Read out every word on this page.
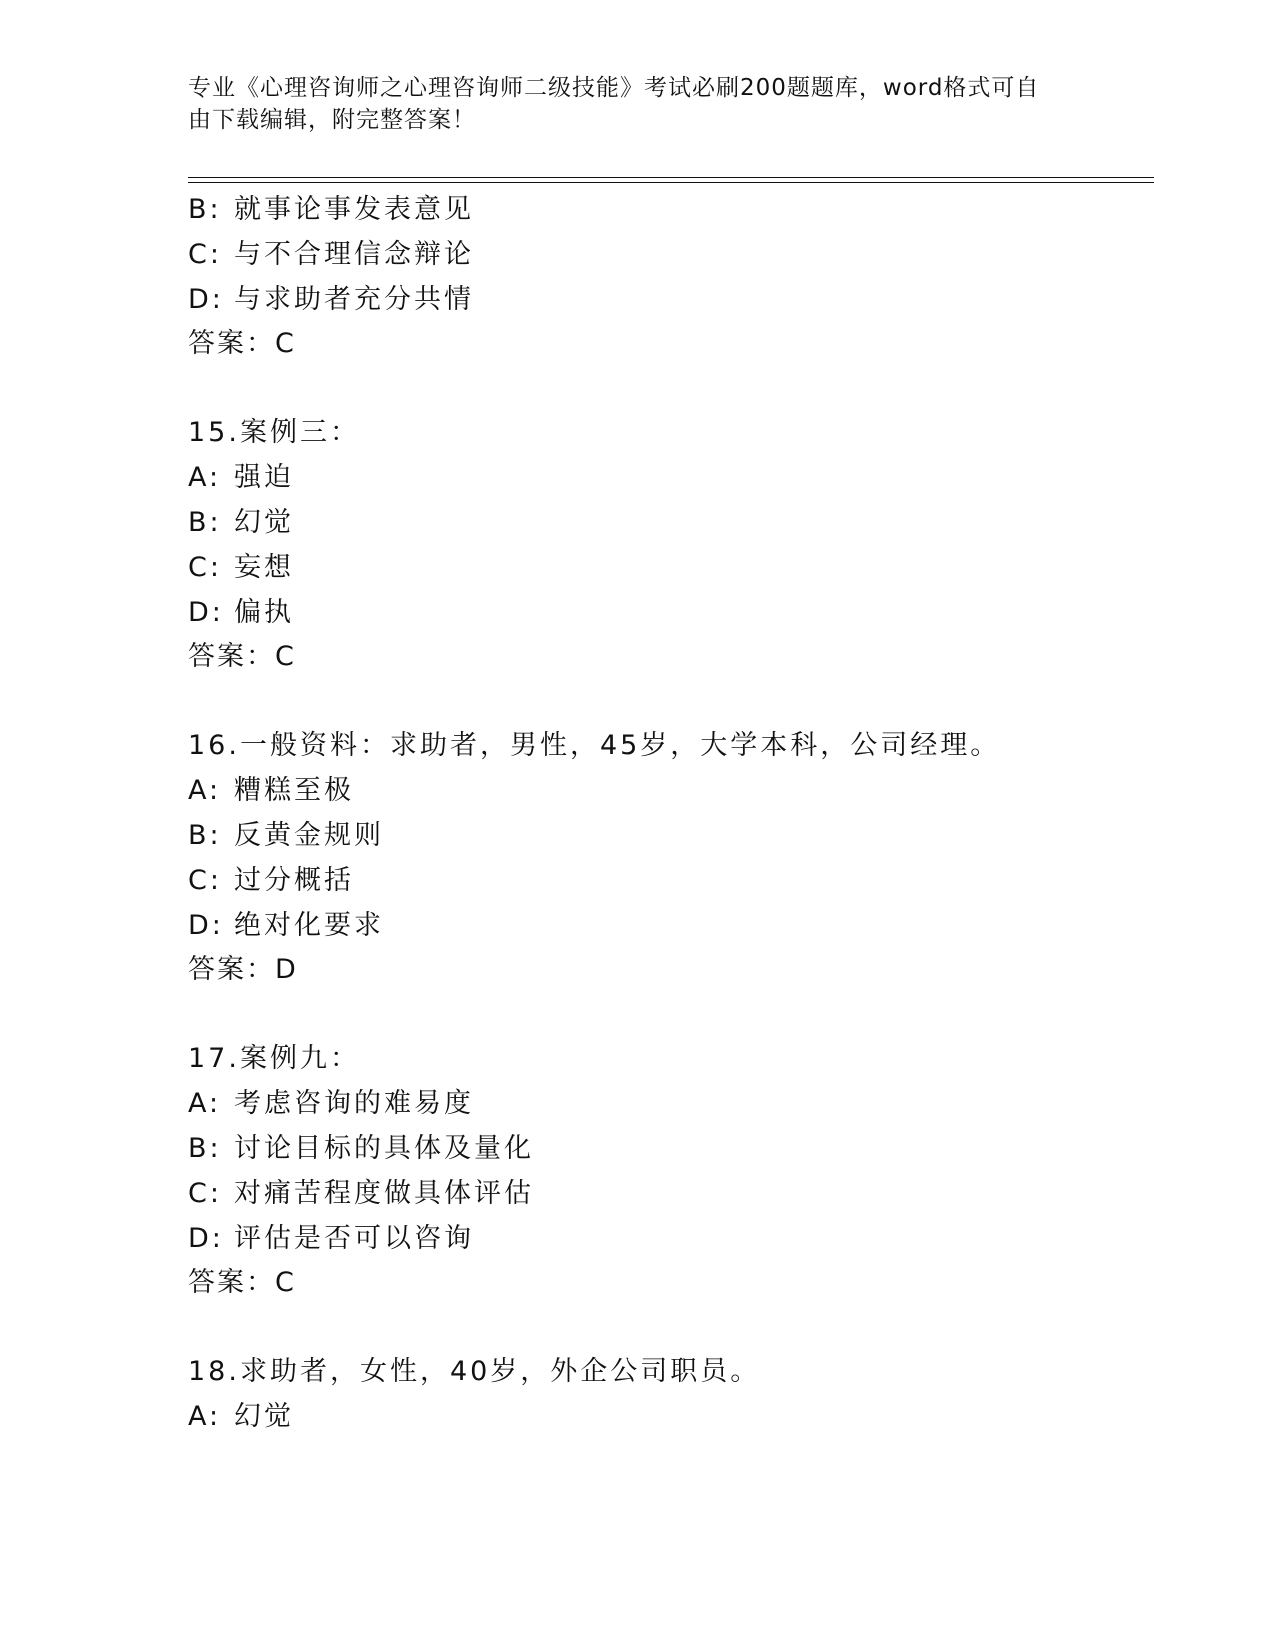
专业《心理咨询师之心理咨询师二级技能》考试必刷200题题库，word格式可自
由下载编辑，附完整答案！
B: 就事论事发表意见
C: 与不合理信念辩论
D: 与求助者充分共情
答案：C
15.案例三：
A: 强迫
B: 幻觉
C: 妄想
D: 偏执
答案：C
16.一般资料：求助者，男性，45岁，大学本科，公司经理。
A: 糟糕至极
B: 反黄金规则
C: 过分概括
D: 绝对化要求
答案：D
17.案例九：
A: 考虑咨询的难易度
B: 讨论目标的具体及量化
C: 对痛苦程度做具体评估
D: 评估是否可以咨询
答案：C
18.求助者，女性，40岁，外企公司职员。
A: 幻觉
